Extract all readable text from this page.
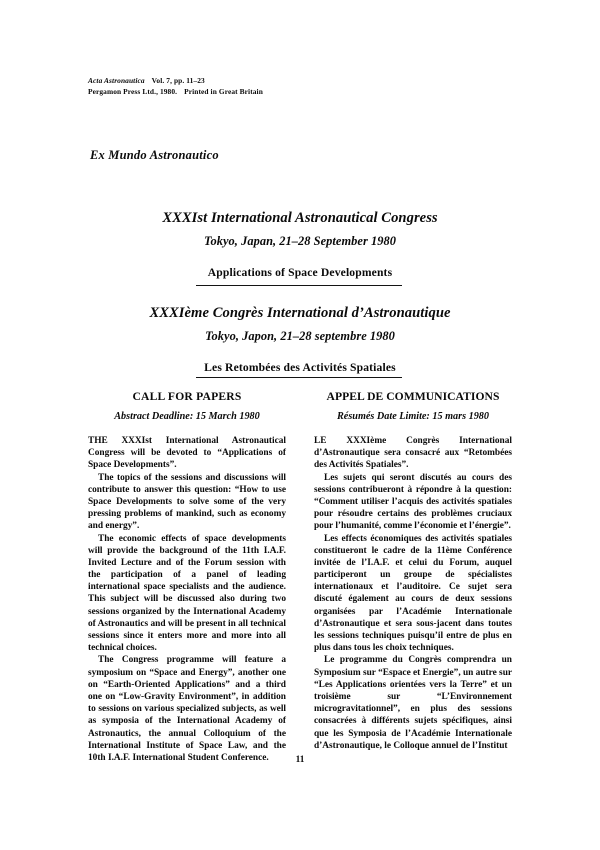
Acta Astronautica Vol. 7, pp. 11–23
Pergamon Press Ltd., 1980. Printed in Great Britain
Ex Mundo Astronautico
XXXIst International Astronautical Congress
Tokyo, Japan, 21–28 September 1980
Applications of Space Developments
XXXIème Congrès International d’Astronautique
Tokyo, Japon, 21–28 septembre 1980
Les Retombées des Activités Spatiales
CALL FOR PAPERS
Abstract Deadline: 15 March 1980

THE XXXIst International Astronautical Congress will be devoted to “Applications of Space Developments”.

The topics of the sessions and discussions will contribute to answer this question: “How to use Space Developments to solve some of the very pressing problems of mankind, such as economy and energy”.

The economic effects of space developments will provide the background of the 11th I.A.F. Invited Lecture and of the Forum session with the participation of a panel of leading international space specialists and the audience. This subject will be discussed also during two sessions organized by the International Academy of Astronautics and will be present in all technical sessions since it enters more and more into all technical choices.

The Congress programme will feature a symposium on “Space and Energy”, another one on “Earth-Oriented Applications” and a third one on “Low-Gravity Environment”, in addition to sessions on various specialized subjects, as well as symposia of the International Academy of Astronautics, the annual Colloquium of the International Institute of Space Law, and the 10th I.A.F. International Student Conference.

APPEL DE COMMUNICATIONS
Résumés Date Limite: 15 mars 1980

LE XXXIème Congrès International d’Astronautique sera consacré aux “Retombées des Activités Spatiales”.

Les sujets qui seront discutés au cours des sessions contribueront à répondre à la question: “Comment utiliser l’acquis des activités spatiales pour résoudre certains des problèmes cruciaux pour l’humanité, comme l’économie et l’énergie”.

Les effects économiques des activités spatiales constitueront le cadre de la 11ème Conférence invitée de l’I.A.F. et celui du Forum, auquel participeront un groupe de spécialistes internationaux et l’auditoire. Ce sujet sera discuté également au cours de deux sessions organisées par l’Académie Internationale d’Astronautique et sera sous-jacent dans toutes les sessions techniques puisqu’il entre de plus en plus dans tous les choix techniques.

Le programme du Congrès comprendra un Symposium sur “Espace et Energie”, un autre sur “Les Applications orientées vers la Terre” et un troisième sur “L’Environnement microgravitationnel”, en plus des sessions consacrées à différents sujets spécifiques, ainsi que les Symposia de l’Académie Internationale d’Astronautique, le Colloque annuel de l’Institut

11
